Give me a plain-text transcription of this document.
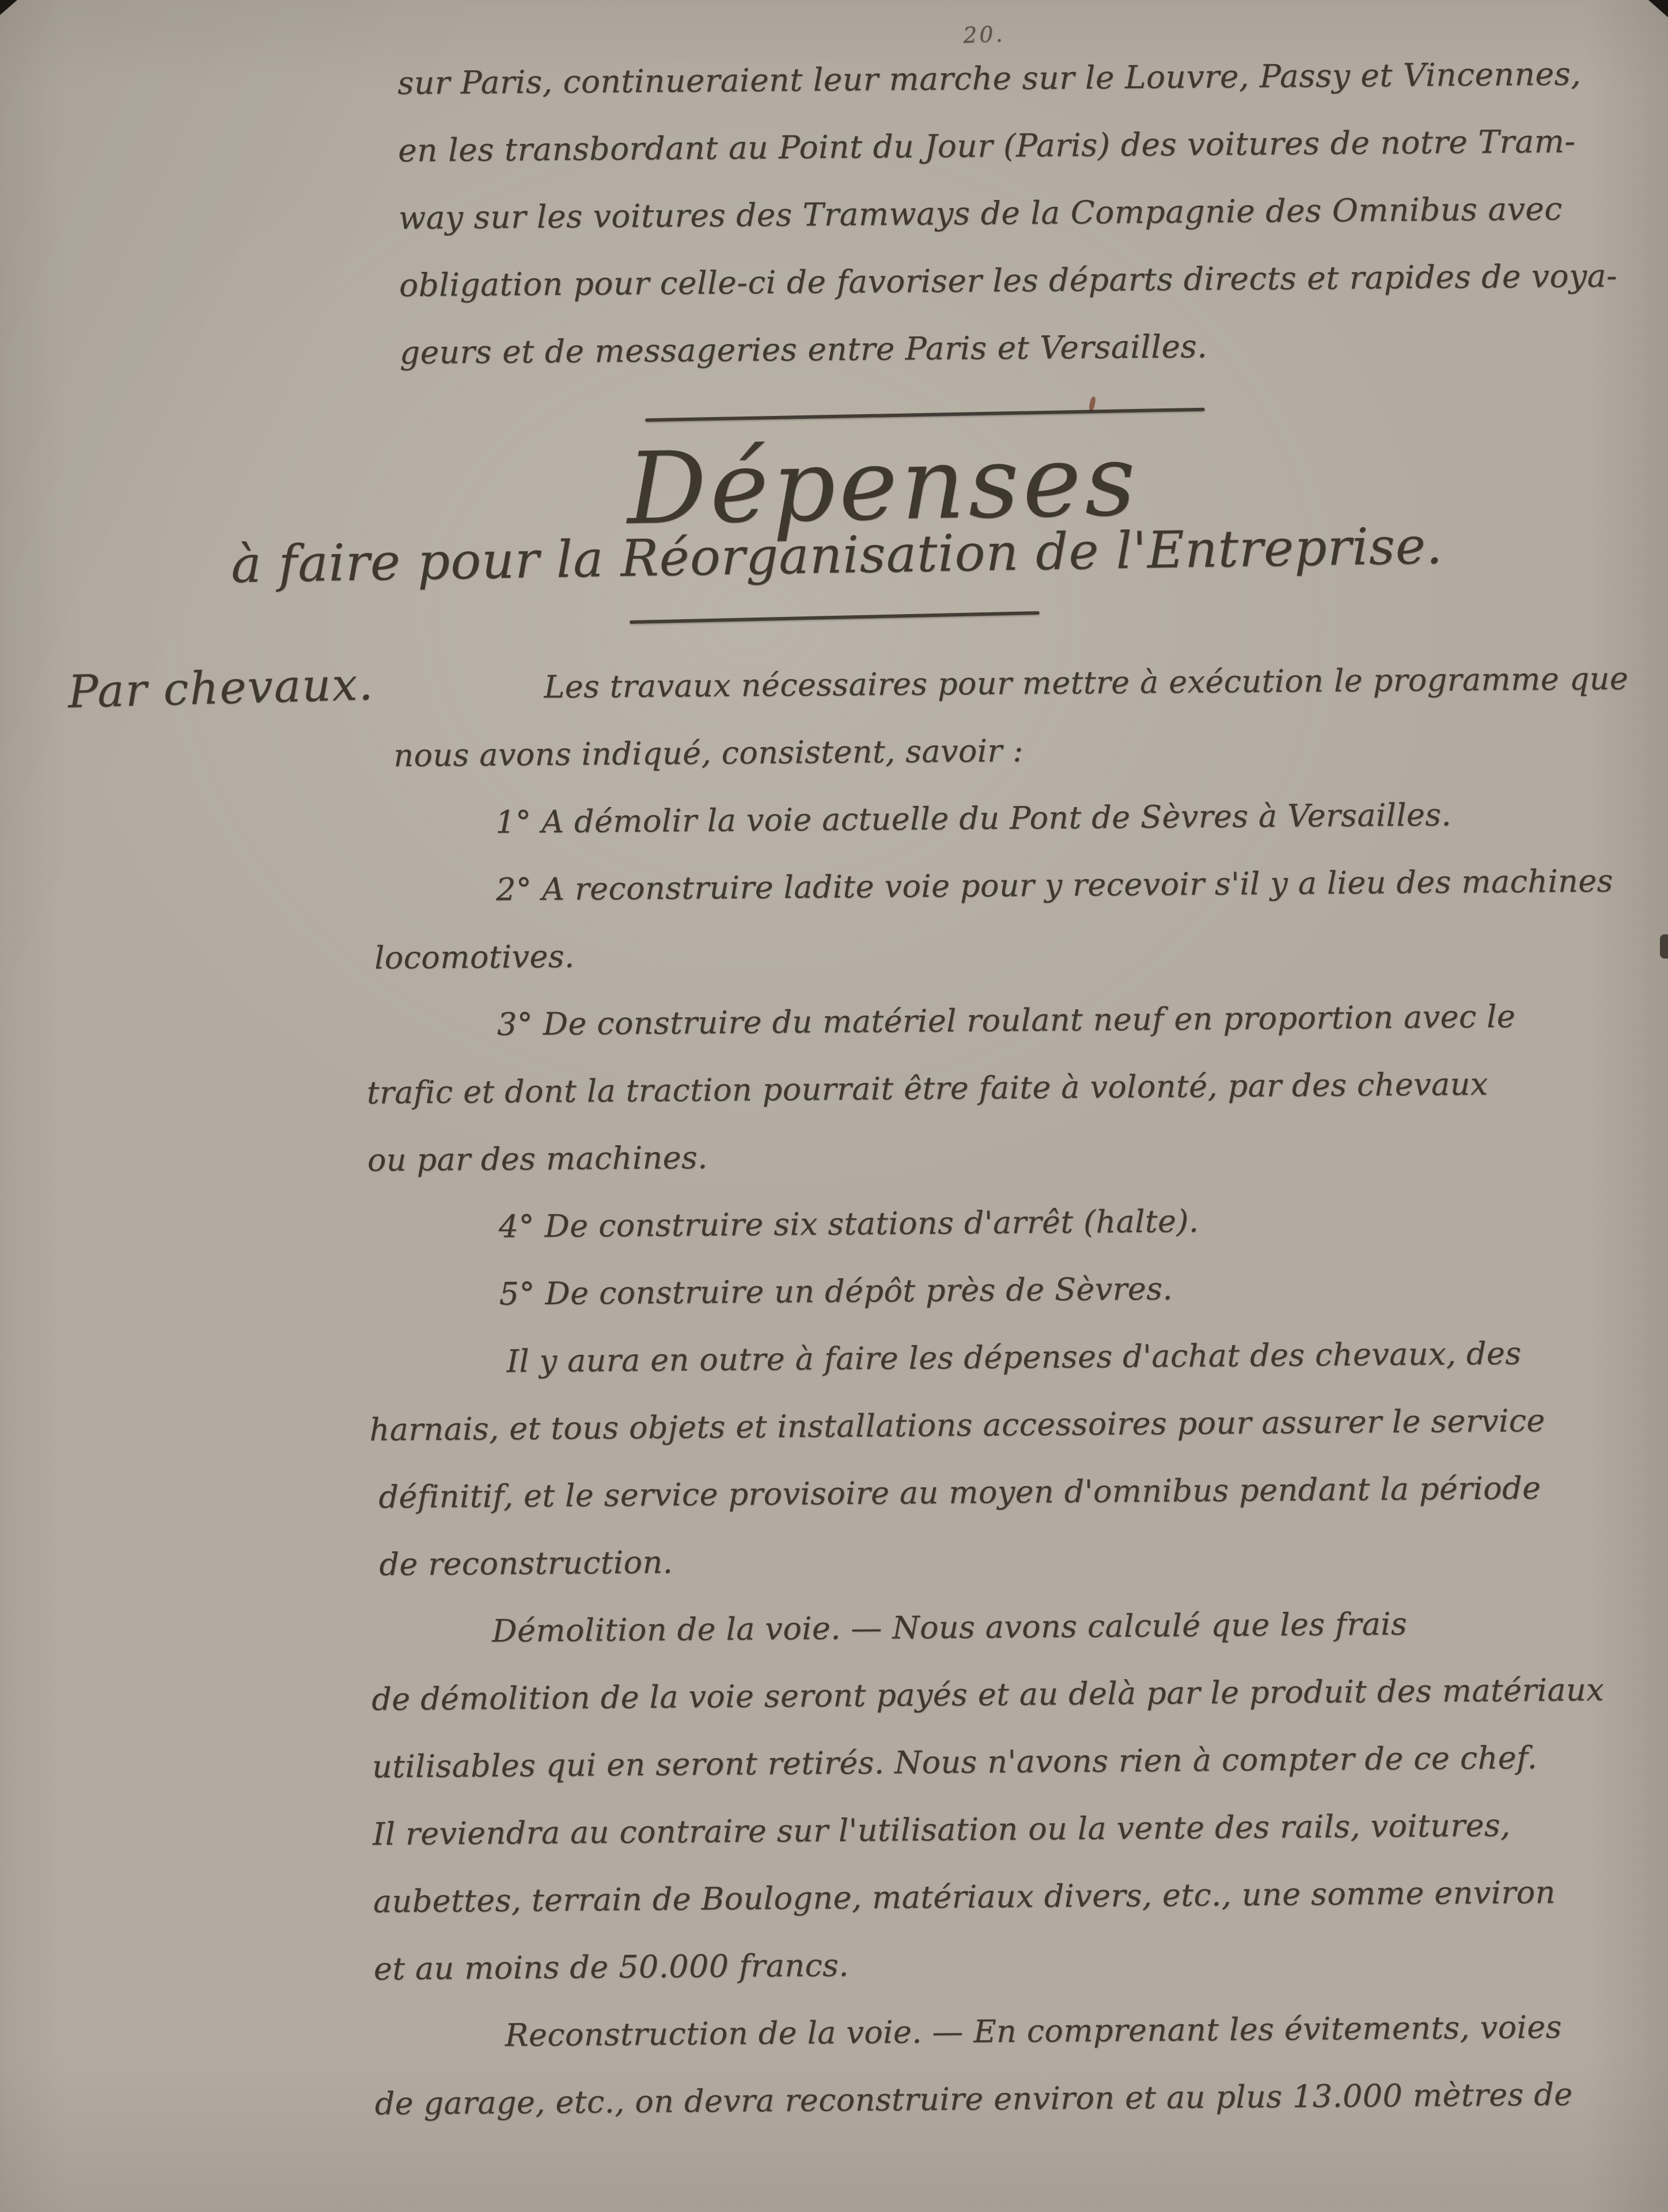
20.
sur Paris, continueraient leur marche sur le Louvre, Passy et Vincennes,
en les transbordant au Point du Jour (Paris) des voitures de notre Tram-
way sur les voitures des Tramways de la Compagnie des Omnibus avec
obligation pour celle-ci de favoriser les départs directs et rapides de voya-
geurs et de messageries entre Paris et Versailles.
Dépenses
à faire pour la Réorganisation de l'Entreprise.
Par chevaux.	Les travaux nécessaires pour mettre à exécution le programme que
nous avons indiqué, consistent, savoir :
1° A démolir la voie actuelle du Pont de Sèvres à Versailles.
2° A reconstruire ladite voie pour y recevoir s'il y a lieu des machines
locomotives.
3° De construire du matériel roulant neuf en proportion avec le
trafic et dont la traction pourrait être faite à volonté, par des chevaux
ou par des machines.
4° De construire six stations d'arrêt (halte).
5° De construire un dépôt près de Sèvres.
Il y aura en outre à faire les dépenses d'achat des chevaux, des
harnais, et tous objets et installations accessoires pour assurer le service
définitif, et le service provisoire au moyen d'omnibus pendant la période
de reconstruction.
Démolition de la voie. — Nous avons calculé que les frais
de démolition de la voie seront payés et au delà par le produit des matériaux
utilisables qui en seront retirés. Nous n'avons rien à compter de ce chef.
Il reviendra au contraire sur l'utilisation ou la vente des rails, voitures,
aubettes, terrain de Boulogne, matériaux divers, etc., une somme environ
et au moins de 50.000 francs.
Reconstruction de la voie. — En comprenant les évitements, voies
de garage, etc., on devra reconstruire environ et au plus 13.000 mètres de
